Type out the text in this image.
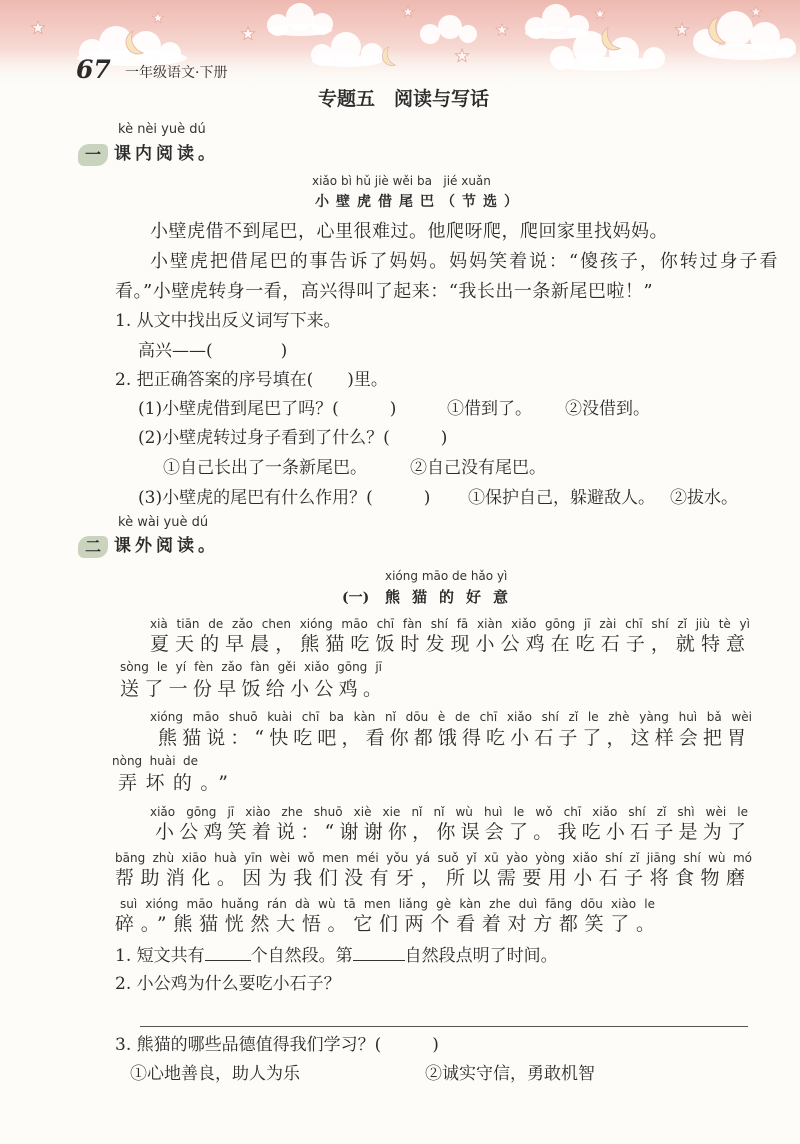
67 一年级语文·下册
专题五　阅读与写话
kè nèi yuè dú
一 课内阅读。
xiǎo bì hǔ jiè wěi ba   jié xuǎn
小壁虎借尾巴（节选）
小壁虎借不到尾巴，心里很难过。他爬呀爬，爬回家里找妈妈。
小壁虎把借尾巴的事告诉了妈妈。妈妈笑着说：“傻孩子，你转过身子看
看。”小壁虎转身一看，高兴得叫了起来：“我长出一条新尾巴啦！”
1. 从文中找出反义词写下来。
高兴——(　　　　)
2. 把正确答案的序号填在(　　)里。
(1)小壁虎借到尾巴了吗？(　　　)	①借到了。 ②没借到。
(2)小壁虎转过身子看到了什么？(　　　)
①自己长出了一条新尾巴。	②自己没有尾巴。
(3)小壁虎的尾巴有什么作用？(　　　) ①保护自己，躲避敌人。 ②拔水。
kè wài yuè dú
二 课外阅读。
xióng māo de hǎo yì
(一) 熊猫的好意
xià tiān de zǎo chen xióng māo chī fàn shí fā xiàn xiǎo gōng jī zài chī shí zǐ jiù tè yì
夏天的早晨，熊猫吃饭时发现小公鸡在吃石子，就特意
sòng le yí fèn zǎo fàn gěi xiǎo gōng jī
送了一份早饭给小公鸡。
xióng māo shuō kuài chī ba kàn nǐ dōu è de chī xiǎo shí zǐ le zhè yàng huì bǎ wèi
熊猫说：“快吃吧，看你都饿得吃小石子了，这样会把胃
nòng huài de
弄坏的。”
xiǎo gōng jī xiào zhe shuō xiè xie nǐ nǐ wù huì le wǒ chī xiǎo shí zǐ shì wèi le
小公鸡笑着说：“谢谢你，你误会了。我吃小石子是为了
bāng zhù xiāo huà yīn wèi wǒ men méi yǒu yá suǒ yǐ xū yào yòng xiǎo shí zǐ jiāng shí wù mó
帮助消化。因为我们没有牙，所以需要用小石子将食物磨
suì xióng māo huǎng rán dà wù tā men liǎng gè kàn zhe duì fāng dōu xiào le
碎。”熊猫恍然大悟。它们两个看着对方都笑了。
1. 短文共有	个自然段。第	自然段点明了时间。
2. 小公鸡为什么要吃小石子？
3. 熊猫的哪些品德值得我们学习？(　　　)
①心地善良，助人为乐	②诚实守信，勇敢机智
